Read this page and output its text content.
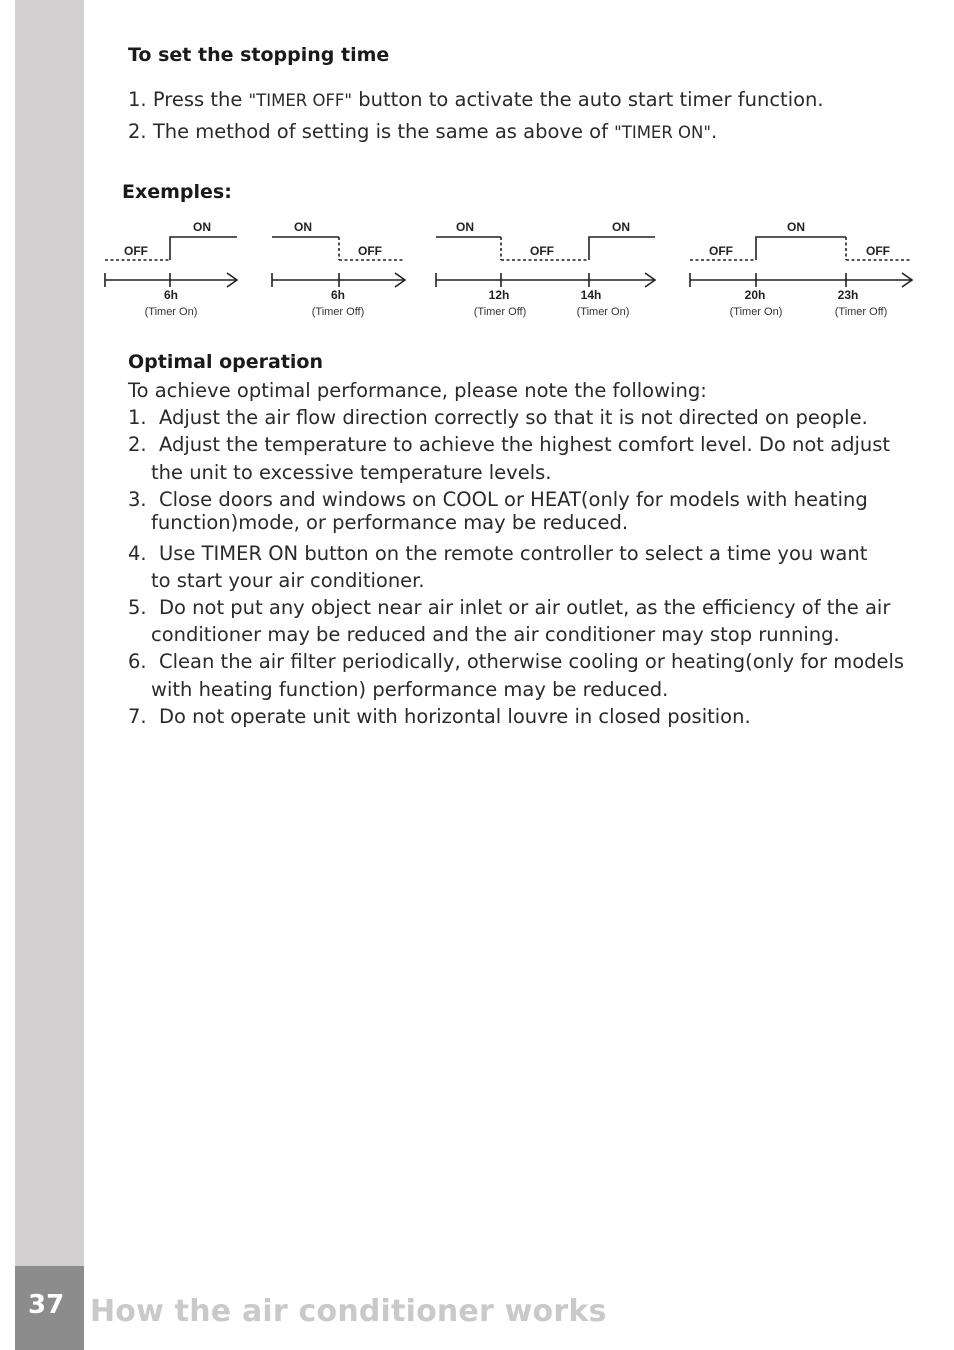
37 How the air conditioner works
To set the stopping time
1. Press the "TIMER OFF" button to activate the auto start timer function.
2. The method of setting is the same as above of "TIMER ON".
Exemples:
OFF
ON	ON
OFF
ON
OFF
ON
OFF
ON
OFF
6h	6h	12h	14h	20h	23h
(Timer On)	(Timer Off)	(Timer Off)	(Timer On)	(Timer On)	(Timer Off)
Optimal operation
To achieve optimal performance, please note the following:
1. Adjust the air flow direction correctly so that it is not directed on people.
2. Adjust the temperature to achieve the highest comfort level. Do not adjust
the unit to excessive temperature levels.
3. Close doors and windows on COOL or HEAT(only for models with heating
function)mode, or performance may be reduced.
4. Use TIMER ON button on the remote controller to select a time you want
to start your air conditioner.
5. Do not put any object near air inlet or air outlet, as the efficiency of the air
conditioner may be reduced and the air conditioner may stop running.
6. Clean the air filter periodically, otherwise cooling or heating(only for models
with heating function) performance may be reduced.
7. Do not operate unit with horizontal louvre in closed position.
